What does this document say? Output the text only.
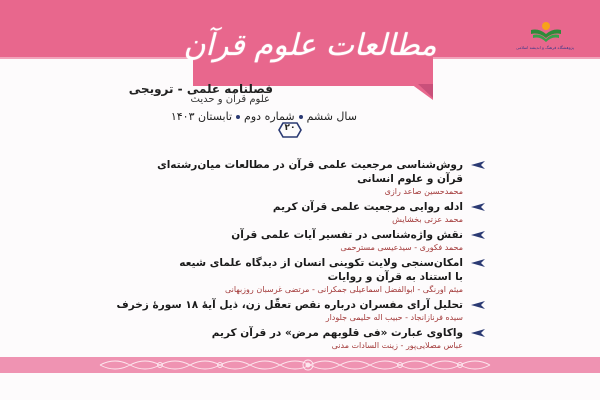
مطالعات علوم قرآن	پژوهشگاه فرهنگ و اندیشه اسلامی
فصلنامه علمی - ترویجی
علوم قرآن و حدیث
سال ششمشماره دومتابستان ۱۴۰۳
۲۰
روش‌شناسی مرجعیت علمی قرآن در مطالعات میان‌رشته‌ای
قرآن و علوم انسانی
محمدحسین صاعد رازی
ادله روایی مرجعیت علمی قرآن کریم
محمد عزتی بخشایش
نقش واژه‌شناسی در تفسیر آیات علمی قرآن
محمد فکوری - سیدعیسی مسترحمی
امکان‌سنجی ولایت تکوینی انسان از دیدگاه علمای شیعه
با استناد به قرآن و روایات
میثم اورنگی - ابوالفضل اسماعیلی جمکرانی - مرتضی غرسبان روزبهانی
تحلیل آرای مفسران درباره نقص تعقّل زن، ذیل آیهٔ ۱۸ سورهٔ زخرف
سیده فرنازانجاد - حبیب اله حلیمی جلودار
واکاوی عبارت «فی قلوبهم مرض» در قرآن کریم
عباس مصلایی‌پور - زینت السادات مدنی
